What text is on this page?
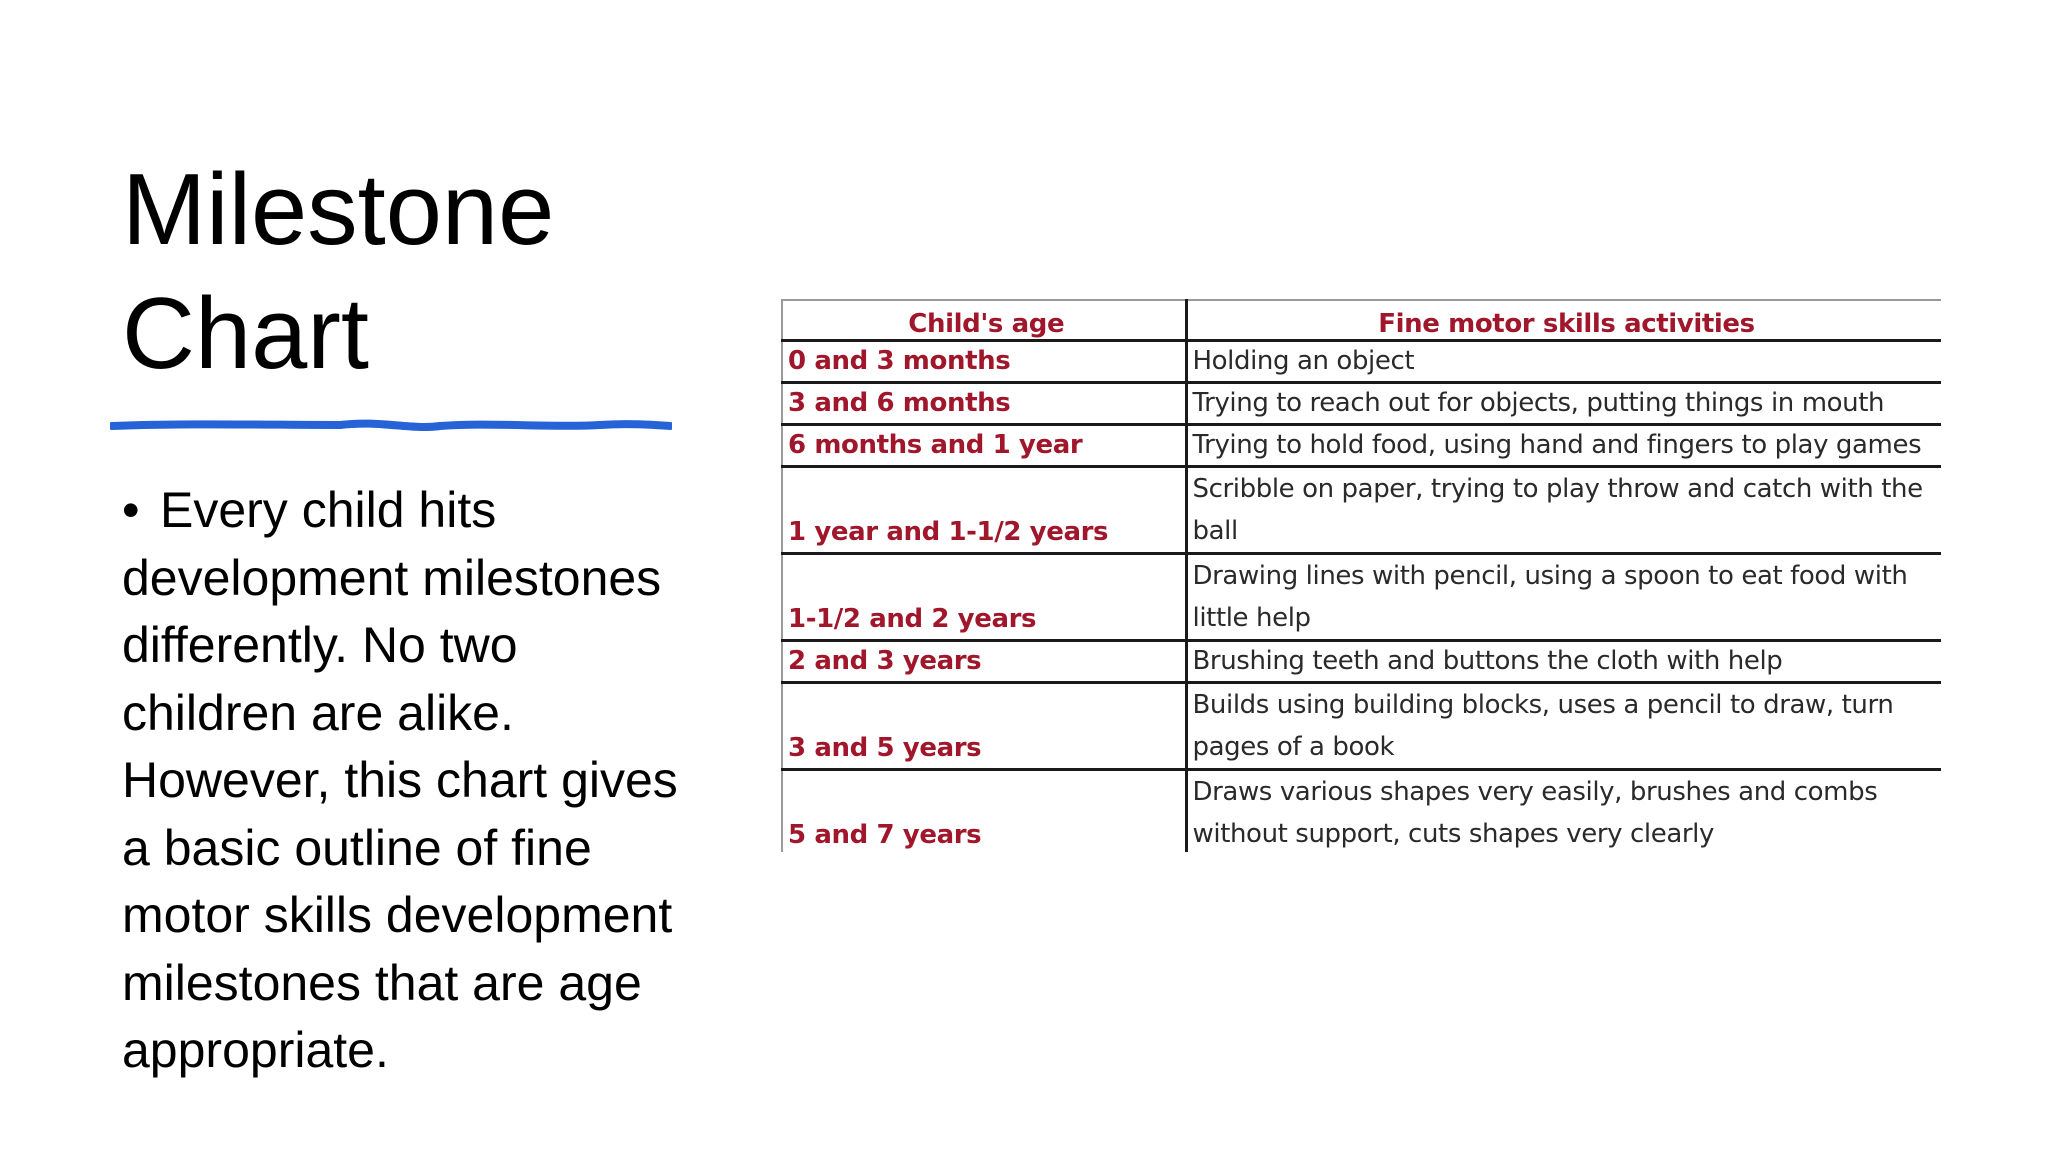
Milestone
Chart

• Every child hits development milestones differently. No two children are alike. However, this chart gives a basic outline of fine motor skills development milestones that are age appropriate.

Child's age	Fine motor skills activities
0 and 3 months	Holding an object

3 and 6 months	Trying to reach out for objects, putting things in mouth

6 months and 1 year	Trying to hold food, using hand and fingers to play games

1 year and 1-1/2 years	Scribble on paper, trying to play throw and catch with the
ball

1-1/2 and 2 years	Drawing lines with pencil, using a spoon to eat food with
little help

2 and 3 years	Brushing teeth and buttons the cloth with help

3 and 5 years	Builds using building blocks, uses a pencil to draw, turn
pages of a book

5 and 7 years	Draws various shapes very easily, brushes and combs
without support, cuts shapes very clearly
